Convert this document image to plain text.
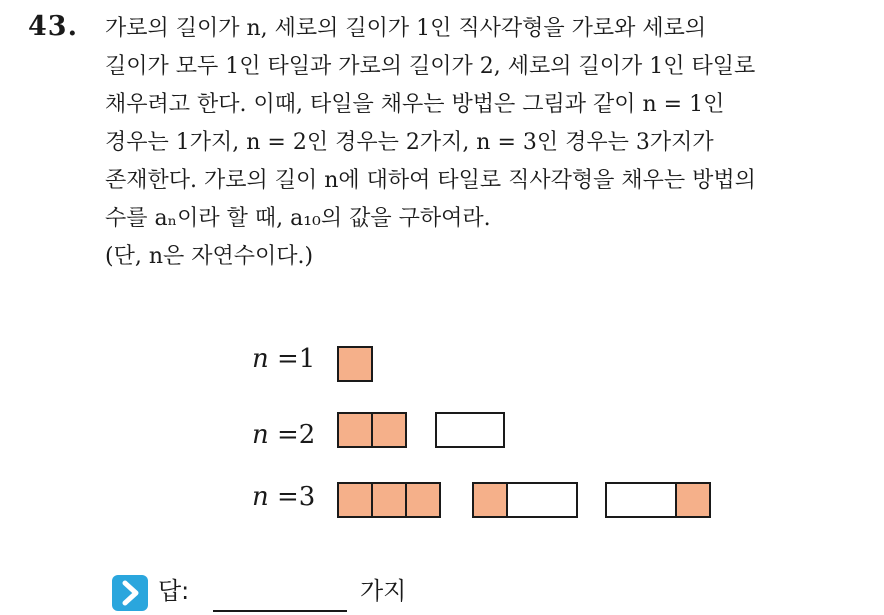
43. 가로의 길이가 n, 세로의 길이가 1인 직사각형을 가로와 세로의
길이가 모두 1인 타일과 가로의 길이가 2, 세로의 길이가 1인 타일로
채우려고 한다. 이때, 타일을 채우는 방법은 그림과 같이 n = 1인
경우는 1가지, n = 2인 경우는 2가지, n = 3인 경우는 3가지가
존재한다. 가로의 길이 n에 대하여 타일로 직사각형을 채우는 방법의
수를 aₙ이라 할 때, a₁₀의 값을 구하여라.
(단, n은 자연수이다.)
n =1
n =2
n =3
답:	가지
